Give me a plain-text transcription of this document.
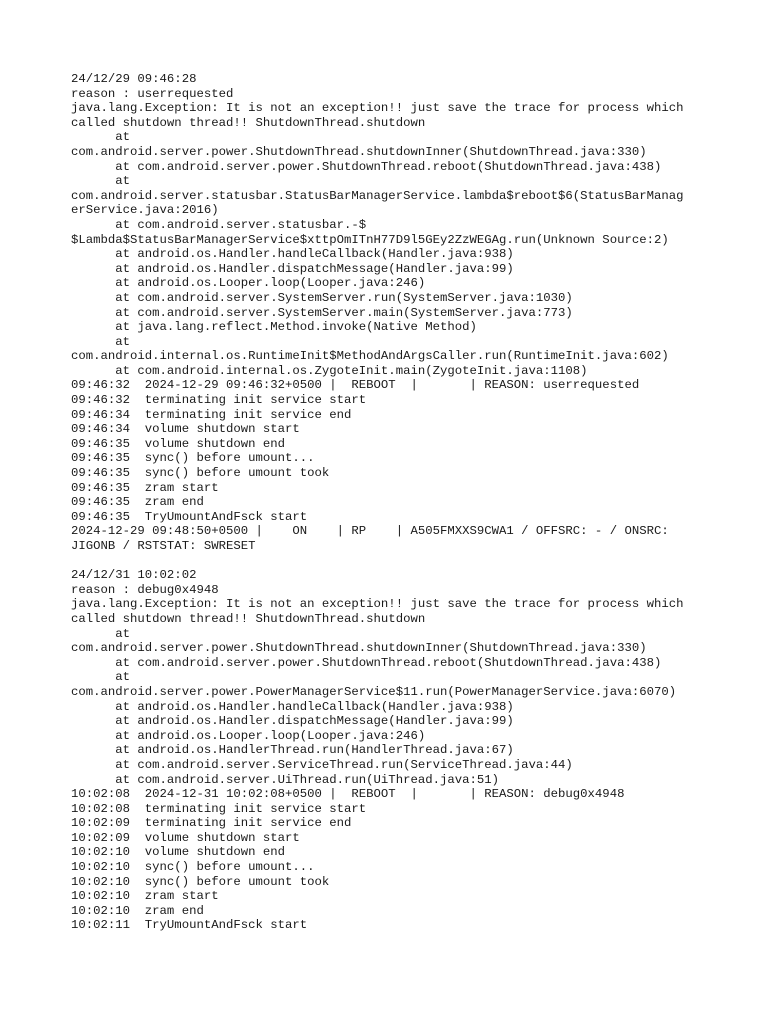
24/12/29 09:46:28
reason : userrequested
java.lang.Exception: It is not an exception!! just save the trace for process which
called shutdown thread!! ShutdownThread.shutdown
at
com.android.server.power.ShutdownThread.shutdownInner(ShutdownThread.java:330)
at com.android.server.power.ShutdownThread.reboot(ShutdownThread.java:438)
at
com.android.server.statusbar.StatusBarManagerService.lambda$reboot$6(StatusBarManag
erService.java:2016)
at com.android.server.statusbar.-$
$Lambda$StatusBarManagerService$xttpOmITnH77D9l5GEy2ZzWEGAg.run(Unknown Source:2)
at android.os.Handler.handleCallback(Handler.java:938)
at android.os.Handler.dispatchMessage(Handler.java:99)
at android.os.Looper.loop(Looper.java:246)
at com.android.server.SystemServer.run(SystemServer.java:1030)
at com.android.server.SystemServer.main(SystemServer.java:773)
at java.lang.reflect.Method.invoke(Native Method)
at
com.android.internal.os.RuntimeInit$MethodAndArgsCaller.run(RuntimeInit.java:602)
at com.android.internal.os.ZygoteInit.main(ZygoteInit.java:1108)
09:46:32  2024-12-29 09:46:32+0500 |  REBOOT  |       | REASON: userrequested
09:46:32  terminating init service start
09:46:34  terminating init service end
09:46:34  volume shutdown start
09:46:35  volume shutdown end
09:46:35  sync() before umount...
09:46:35  sync() before umount took
09:46:35  zram start
09:46:35  zram end
09:46:35  TryUmountAndFsck start
2024-12-29 09:48:50+0500 |    ON    | RP    | A505FMXXS9CWA1 / OFFSRC: - / ONSRC:
JIGONB / RSTSTAT: SWRESET
24/12/31 10:02:02
reason : debug0x4948
java.lang.Exception: It is not an exception!! just save the trace for process which
called shutdown thread!! ShutdownThread.shutdown
at
com.android.server.power.ShutdownThread.shutdownInner(ShutdownThread.java:330)
at com.android.server.power.ShutdownThread.reboot(ShutdownThread.java:438)
at
com.android.server.power.PowerManagerService$11.run(PowerManagerService.java:6070)
at android.os.Handler.handleCallback(Handler.java:938)
at android.os.Handler.dispatchMessage(Handler.java:99)
at android.os.Looper.loop(Looper.java:246)
at android.os.HandlerThread.run(HandlerThread.java:67)
at com.android.server.ServiceThread.run(ServiceThread.java:44)
at com.android.server.UiThread.run(UiThread.java:51)
10:02:08  2024-12-31 10:02:08+0500 |  REBOOT  |       | REASON: debug0x4948
10:02:08  terminating init service start
10:02:09  terminating init service end
10:02:09  volume shutdown start
10:02:10  volume shutdown end
10:02:10  sync() before umount...
10:02:10  sync() before umount took
10:02:10  zram start
10:02:10  zram end
10:02:11  TryUmountAndFsck start
